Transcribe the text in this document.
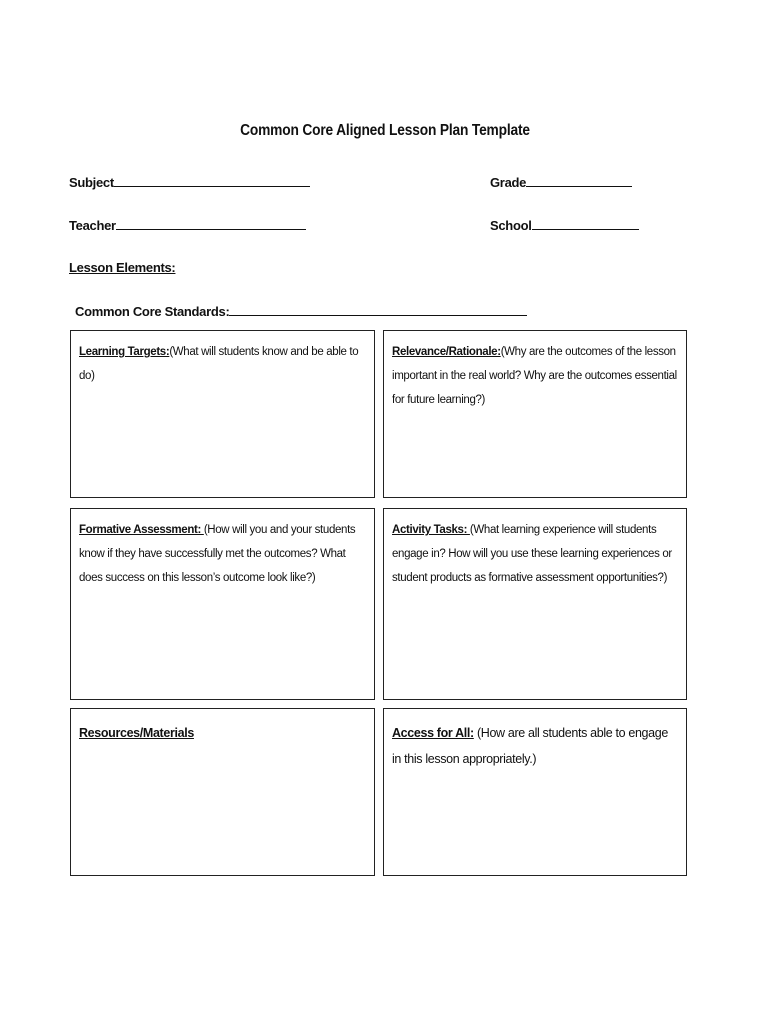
Common Core Aligned Lesson Plan Template
Subject	Grade
Teacher	School
Lesson Elements:
Common Core Standards:
Learning Targets:(What will students know and be able to do)
Relevance/Rationale:(Why are the outcomes of the lesson important in the real world? Why are the outcomes essential for future learning?)
Formative Assessment: (How will you and your students know if they have successfully met the outcomes? What does success on this lesson’s outcome look like?)
Activity Tasks: (What learning experience will students engage in? How will you use these learning experiences or student products as formative assessment opportunities?)
Resources/Materials	Access for All: (How are all students able to engage in this lesson appropriately.)
